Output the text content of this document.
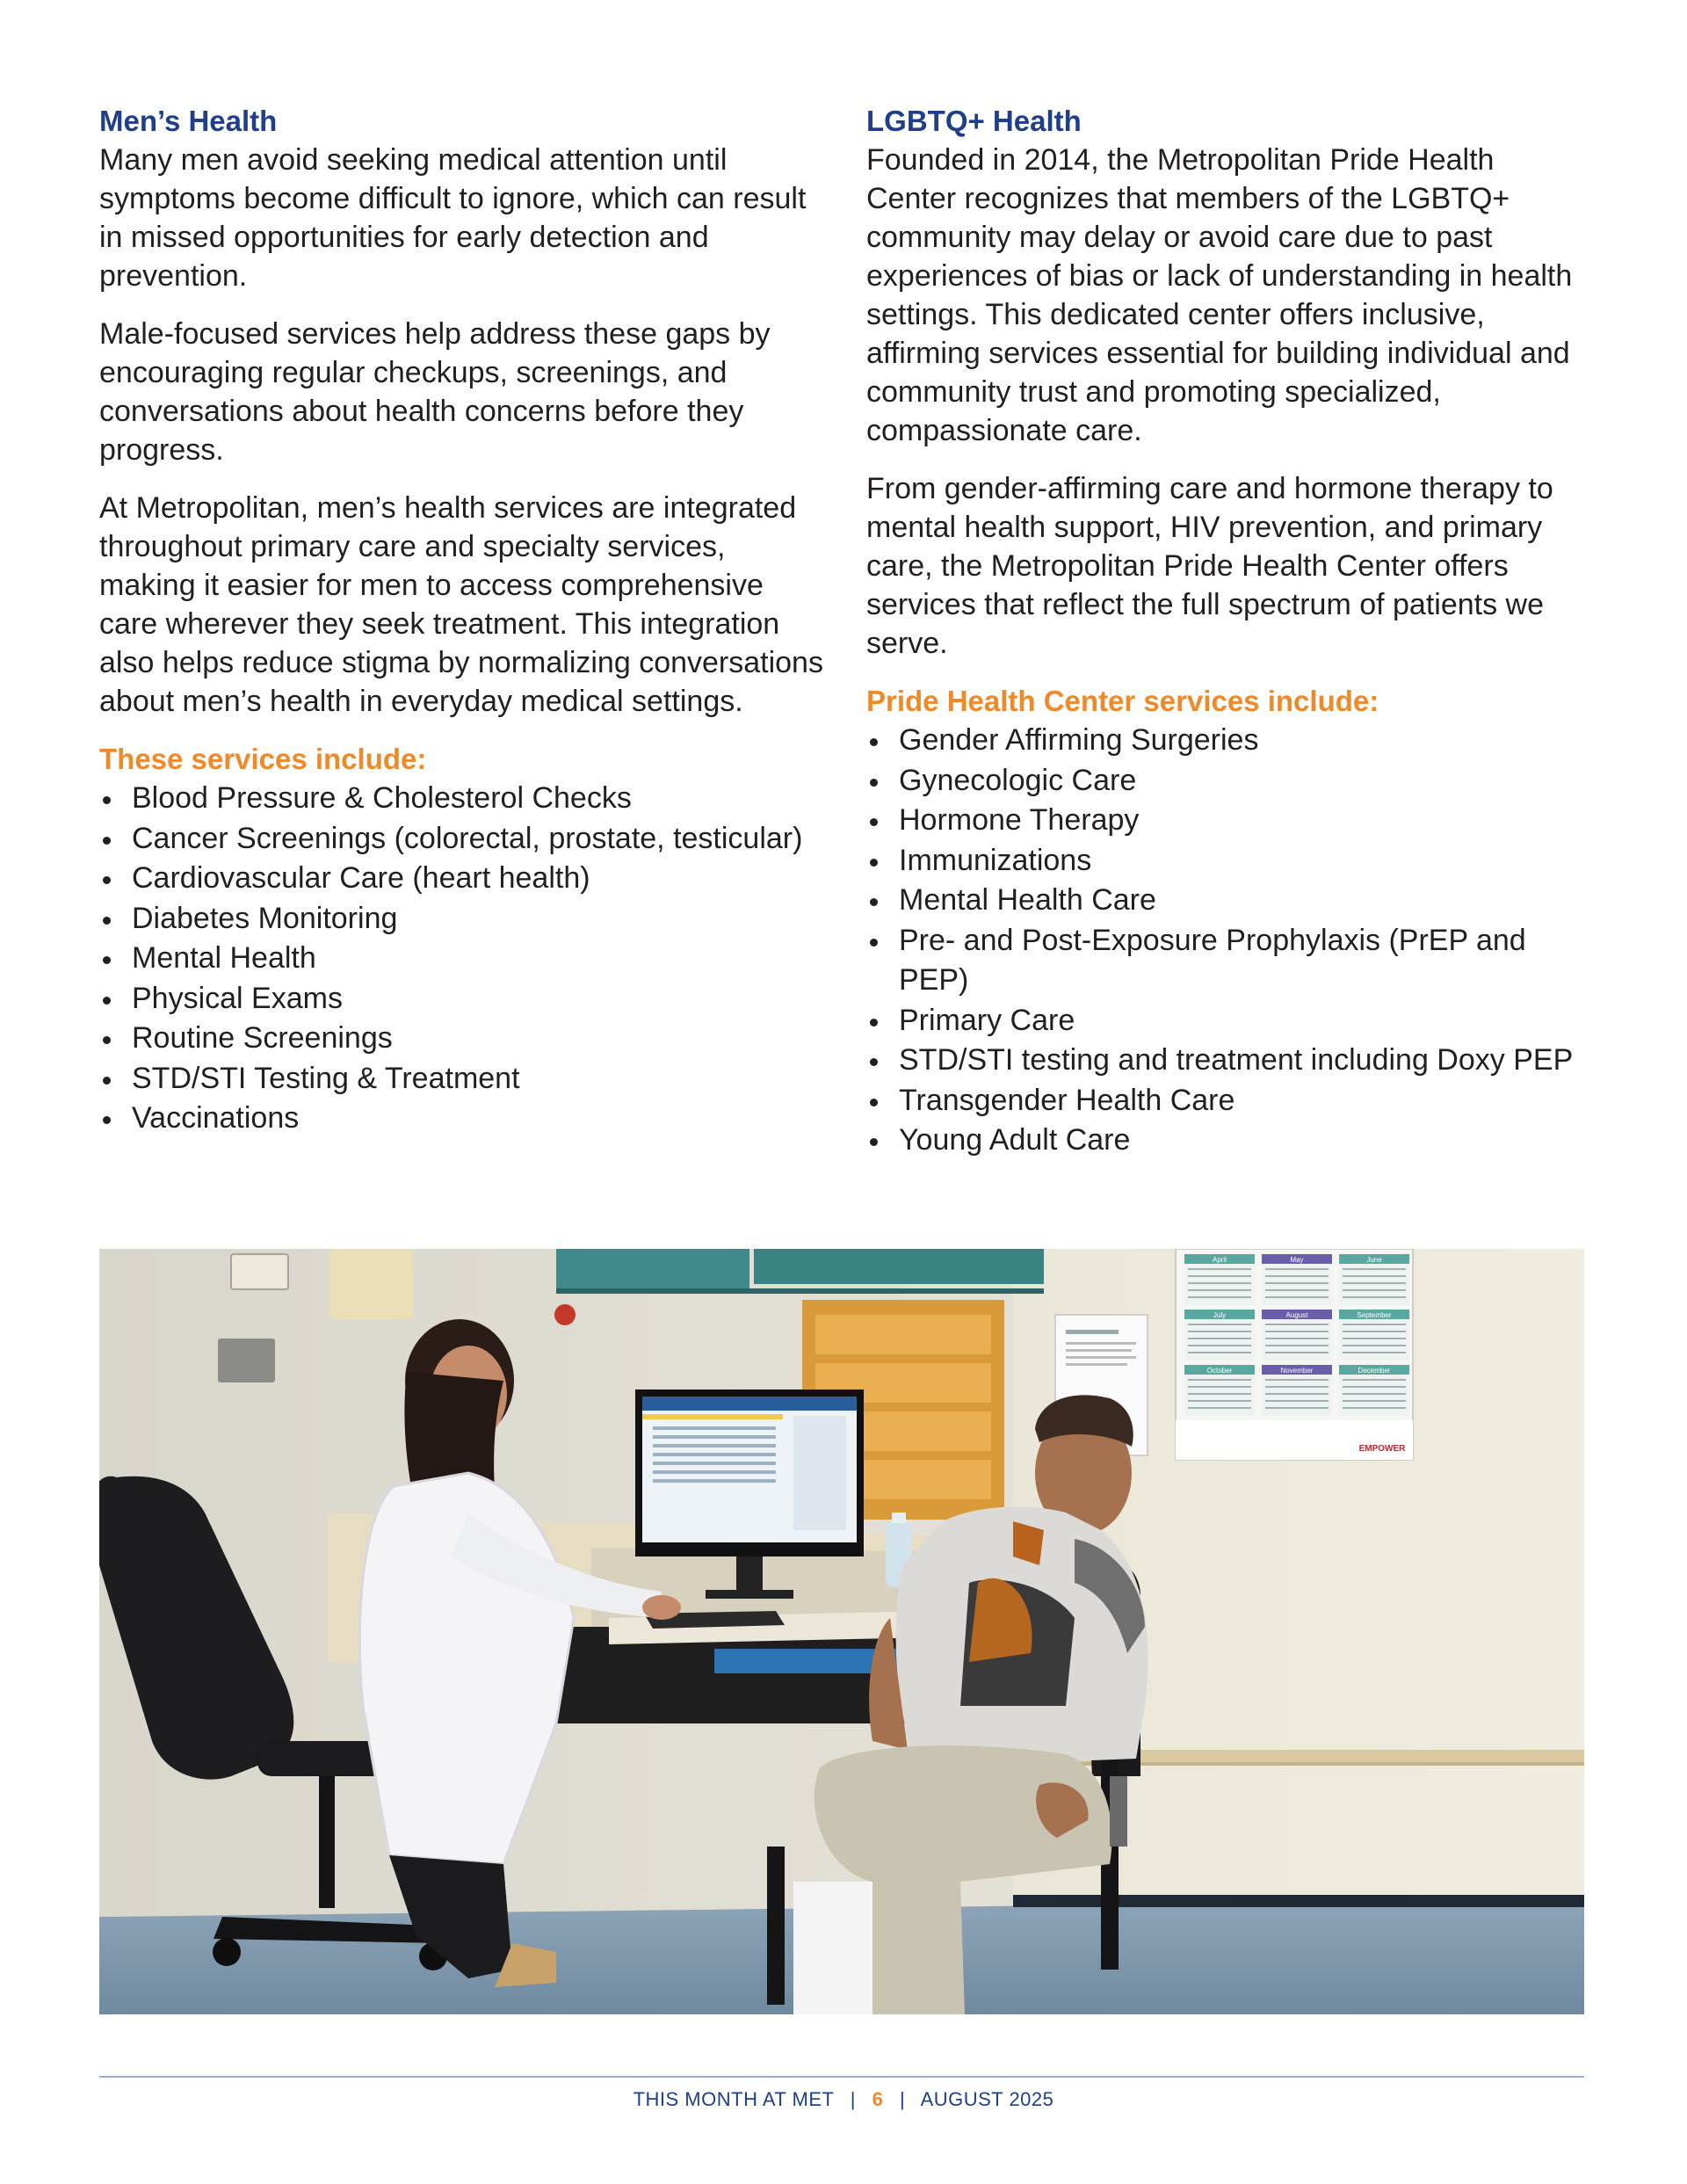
Men’s Health

Many men avoid seeking medical attention until symptoms become difficult to ignore, which can result in missed opportunities for early detection and prevention.

Male-focused services help address these gaps by encouraging regular checkups, screenings, and conversations about health concerns before they progress.

At Metropolitan, men’s health services are integrated throughout primary care and specialty services, making it easier for men to access comprehensive care wherever they seek treatment. This integration also helps reduce stigma by normalizing conversations about men’s health in everyday medical settings.

These services include:
Blood Pressure & Cholesterol Checks
Cancer Screenings (colorectal, prostate, testicular)
Cardiovascular Care (heart health)
Diabetes Monitoring
Mental Health
Physical Exams
Routine Screenings
STD/STI Testing & Treatment
Vaccinations
LGBTQ+ Health

Founded in 2014, the Metropolitan Pride Health Center recognizes that members of the LGBTQ+ community may delay or avoid care due to past experiences of bias or lack of understanding in health settings. This dedicated center offers inclusive, affirming services essential for building individual and community trust and promoting specialized, compassionate care.

From gender-affirming care and hormone therapy to mental health support, HIV prevention, and primary care, the Metropolitan Pride Health Center offers services that reflect the full spectrum of patients we serve.

Pride Health Center services include:
Gender Affirming Surgeries
Gynecologic Care
Hormone Therapy
Immunizations
Mental Health Care
Pre- and Post-Exposure Prophylaxis (PrEP and PEP)
Primary Care
STD/STI testing and treatment including Doxy PEP
Transgender Health Care
Young Adult Care
April	May	June
July	August	September
October	November	December
EMPOWER
THIS MONTH AT MET | 6 | AUGUST 2025
